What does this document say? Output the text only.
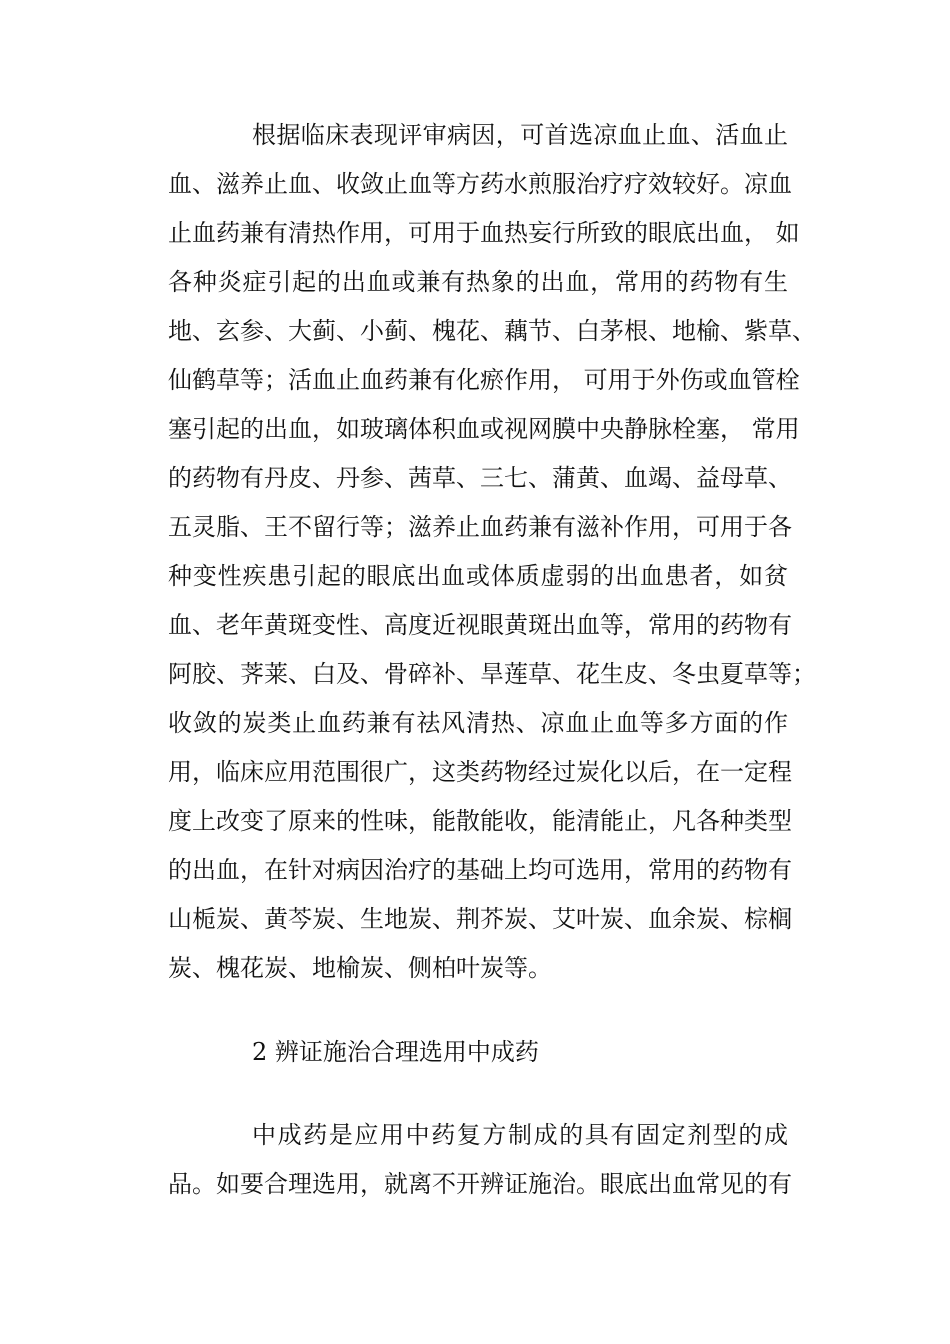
根据临床表现评审病因，可首选凉血止血、活血止
血、滋养止血、收敛止血等方药水煎服治疗疗效较好。凉血
止血药兼有清热作用，可用于血热妄行所致的眼底出血， 如
各种炎症引起的出血或兼有热象的出血，常用的药物有生
地、玄参、大蓟、小蓟、槐花、藕节、白茅根、地榆、紫草、
仙鹤草等；活血止血药兼有化瘀作用， 可用于外伤或血管栓
塞引起的出血，如玻璃体积血或视网膜中央静脉栓塞， 常用
的药物有丹皮、丹参、茜草、三七、蒲黄、血竭、益母草、
五灵脂、王不留行等；滋养止血药兼有滋补作用，可用于各
种变性疾患引起的眼底出血或体质虚弱的出血患者，如贫
血、老年黄斑变性、高度近视眼黄斑出血等，常用的药物有
阿胶、荠莱、白及、骨碎补、旱莲草、花生皮、冬虫夏草等；
收敛的炭类止血药兼有祛风清热、凉血止血等多方面的作
用，临床应用范围很广，这类药物经过炭化以后，在一定程
度上改变了原来的性味，能散能收，能清能止，凡各种类型
的出血，在针对病因治疗的基础上均可选用，常用的药物有
山栀炭、黄芩炭、生地炭、荆芥炭、艾叶炭、血余炭、棕榈
炭、槐花炭、地榆炭、侧柏叶炭等。
2 辨证施治合理选用中成药
中成药是应用中药复方制成的具有固定剂型的成
品。如要合理选用，就离不开辨证施治。眼底出血常见的有
